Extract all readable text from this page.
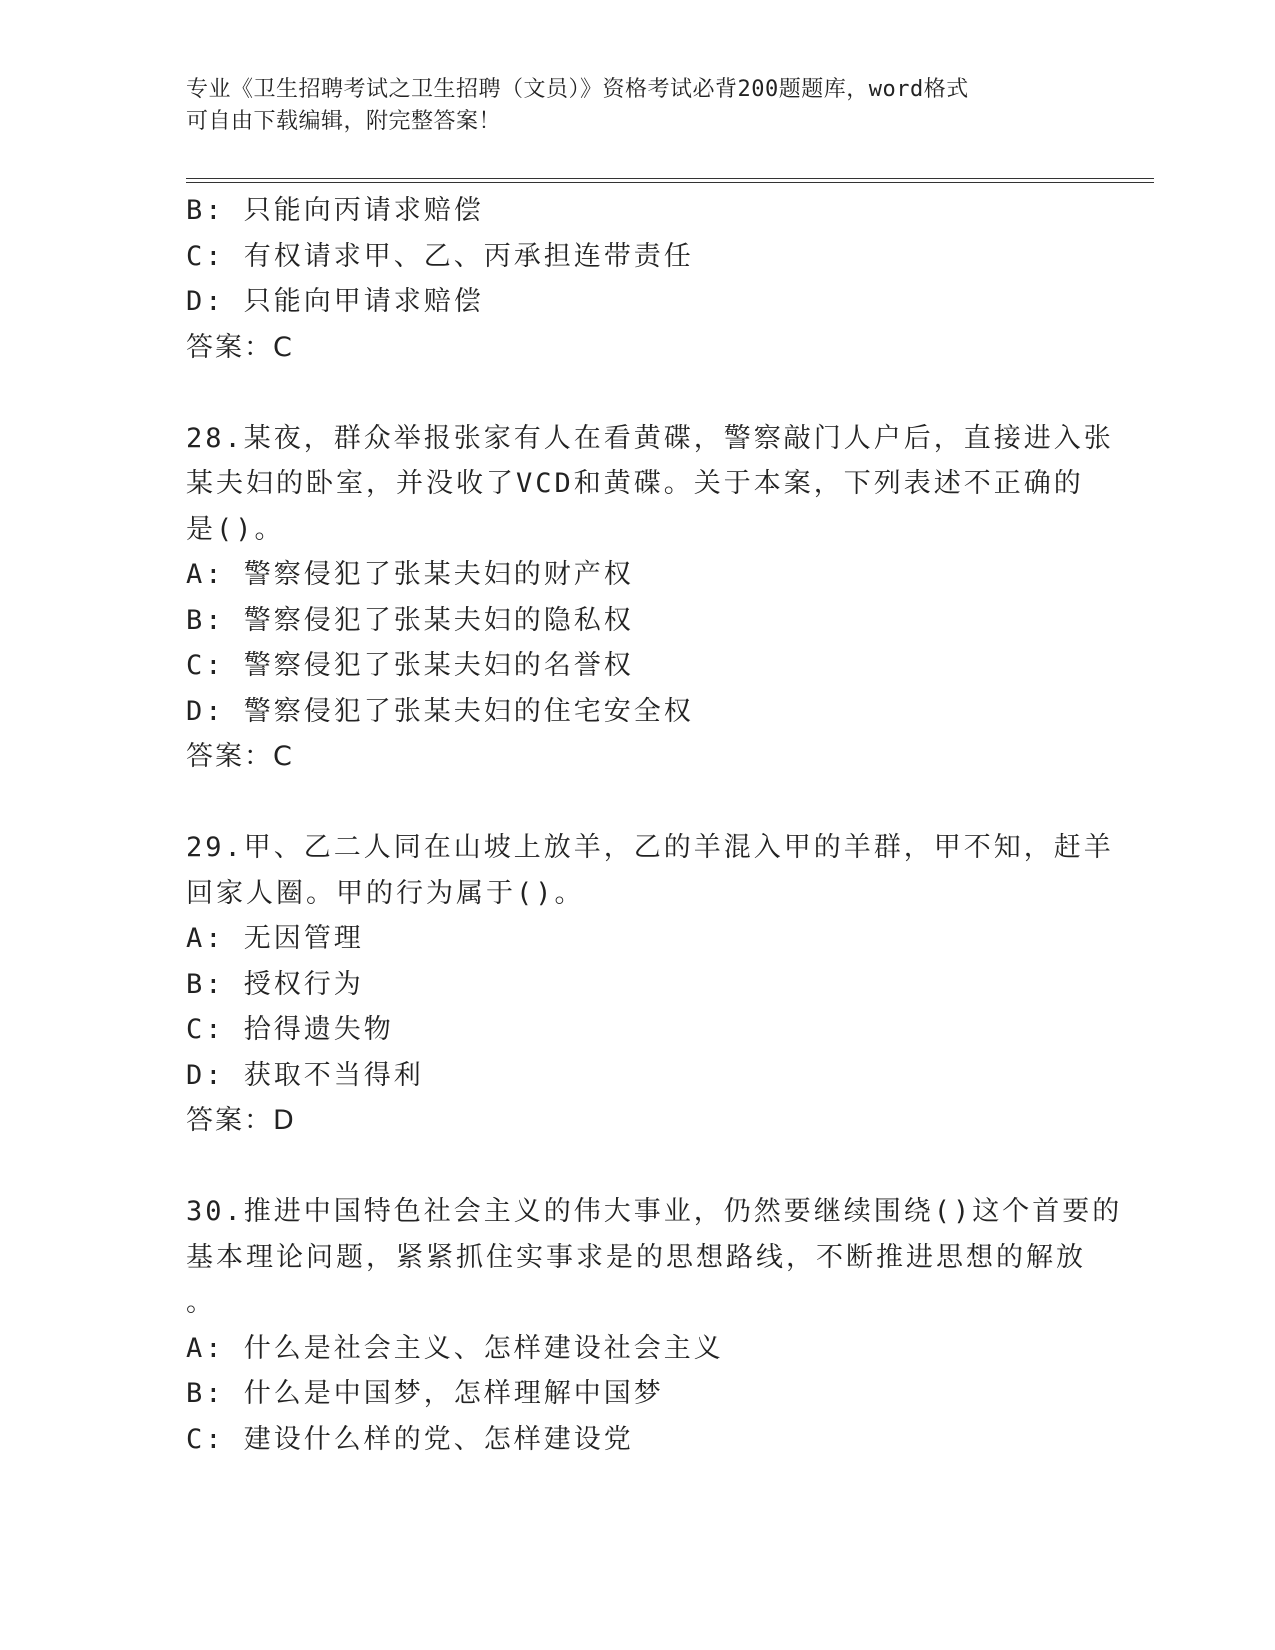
专业《卫生招聘考试之卫生招聘（文员）》资格考试必背200题题库，word格式
可自由下载编辑，附完整答案！
B: 只能向丙请求赔偿
C: 有权请求甲、乙、丙承担连带责任
D: 只能向甲请求赔偿
答案：C
28.某夜，群众举报张家有人在看黄碟，警察敲门人户后，直接进入张
某夫妇的卧室，并没收了VCD和黄碟。关于本案，下列表述不正确的
是()。
A: 警察侵犯了张某夫妇的财产权
B: 警察侵犯了张某夫妇的隐私权
C: 警察侵犯了张某夫妇的名誉权
D: 警察侵犯了张某夫妇的住宅安全权
答案：C
29.甲、乙二人同在山坡上放羊，乙的羊混入甲的羊群，甲不知，赶羊
回家人圈。甲的行为属于()。
A: 无因管理
B: 授权行为
C: 拾得遗失物
D: 获取不当得利
答案：D
30.推进中国特色社会主义的伟大事业，仍然要继续围绕()这个首要的
基本理论问题，紧紧抓住实事求是的思想路线，不断推进思想的解放
。
A: 什么是社会主义、怎样建设社会主义
B: 什么是中国梦，怎样理解中国梦
C: 建设什么样的党、怎样建设党
